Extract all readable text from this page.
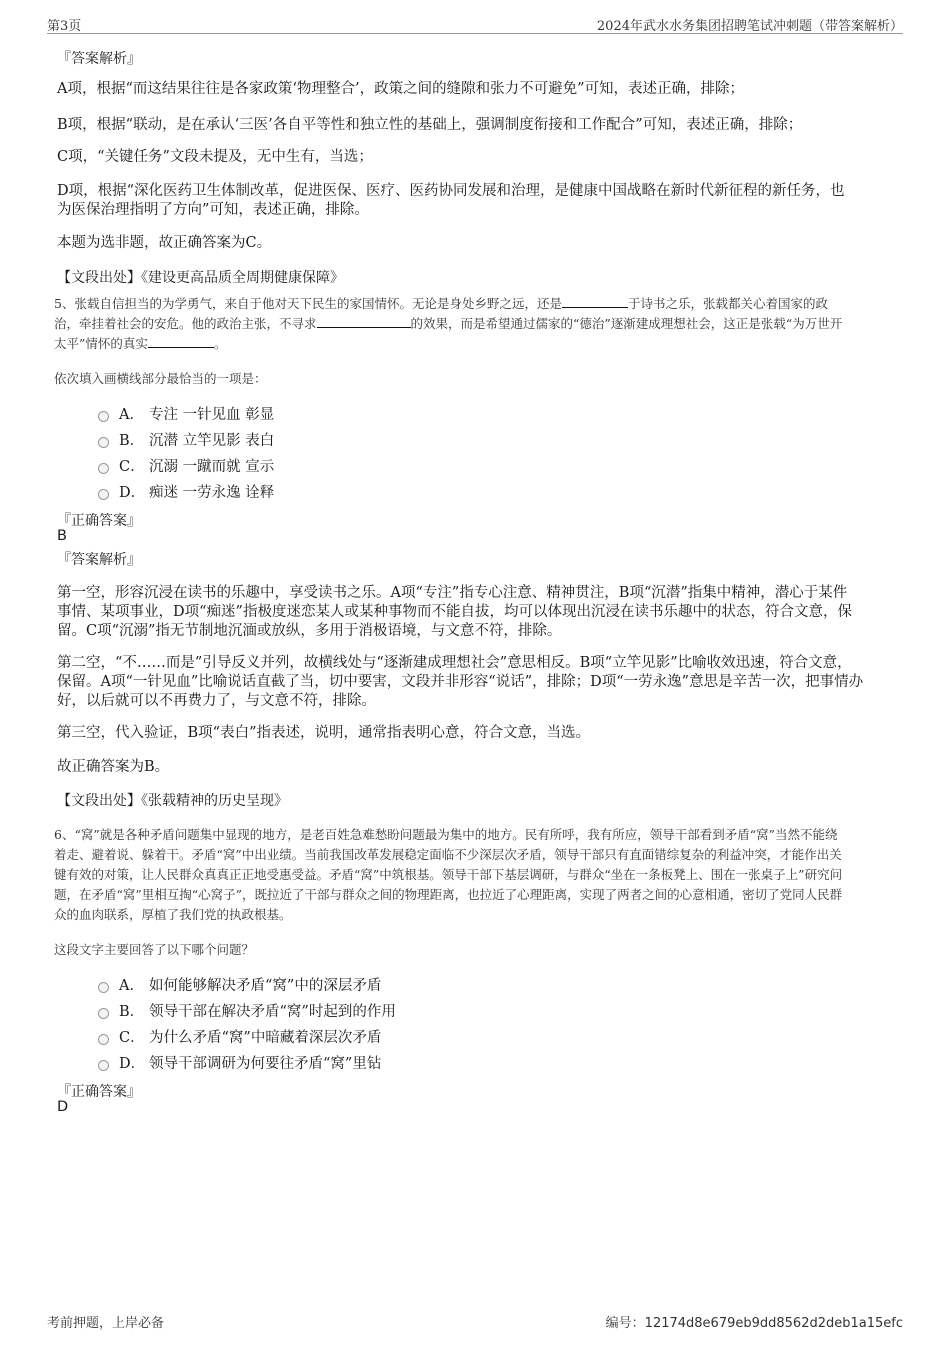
第3页	2024年武水水务集团招聘笔试冲刺题（带答案解析）
『答案解析』
A项，根据“而这结果往往是各家政策‘物理整合’，政策之间的缝隙和张力不可避免”可知，表述正确，排除；
B项，根据“联动，是在承认‘三医’各自平等性和独立性的基础上，强调制度衔接和工作配合”可知，表述正确，排除；
C项，“关键任务”文段未提及，无中生有，当选；
D项，根据“深化医药卫生体制改革，促进医保、医疗、医药协同发展和治理，是健康中国战略在新时代新征程的新任务，也
为医保治理指明了方向”可知，表述正确，排除。
本题为选非题，故正确答案为C。
【文段出处】《建设更高品质全周期健康保障》
5、张载自信担当的为学勇气，来自于他对天下民生的家国情怀。无论是身处乡野之远，还是	于诗书之乐，张载都关心着国家的政
治，牵挂着社会的安危。他的政治主张，不寻求	的效果，而是希望通过儒家的“德治”逐渐建成理想社会，这正是张载“为万世开
太平”情怀的真实	。
依次填入画横线部分最恰当的一项是：
A． 专注 一针见血 彰显
B． 沉潜 立竿见影 表白
C． 沉溺 一蹴而就 宣示
D． 痴迷 一劳永逸 诠释
『正确答案』
B
『答案解析』
第一空，形容沉浸在读书的乐趣中，享受读书之乐。A项“专注”指专心注意、精神贯注，B项“沉潜”指集中精神，潜心于某件
事情、某项事业，D项“痴迷”指极度迷恋某人或某种事物而不能自拔，均可以体现出沉浸在读书乐趣中的状态，符合文意，保
留。C项“沉溺”指无节制地沉湎或放纵，多用于消极语境，与文意不符，排除。
第二空，“不……而是”引导反义并列，故横线处与“逐渐建成理想社会”意思相反。B项“立竿见影”比喻收效迅速，符合文意，
保留。A项“一针见血”比喻说话直截了当，切中要害，文段并非形容“说话”，排除；D项“一劳永逸”意思是辛苦一次，把事情办
好，以后就可以不再费力了，与文意不符，排除。
第三空，代入验证，B项“表白”指表述，说明，通常指表明心意，符合文意，当选。
故正确答案为B。
【文段出处】《张载精神的历史呈现》
6、“窝”就是各种矛盾问题集中显现的地方，是老百姓急难愁盼问题最为集中的地方。民有所呼，我有所应，领导干部看到矛盾“窝”当然不能绕
着走、避着说、躲着干。矛盾“窝”中出业绩。当前我国改革发展稳定面临不少深层次矛盾，领导干部只有直面错综复杂的利益冲突，才能作出关
键有效的对策，让人民群众真真正正地受惠受益。矛盾“窝”中筑根基。领导干部下基层调研，与群众“坐在一条板凳上、围在一张桌子上”研究问
题，在矛盾“窝”里相互掏“心窝子”，既拉近了干部与群众之间的物理距离，也拉近了心理距离，实现了两者之间的心意相通，密切了党同人民群
众的血肉联系，厚植了我们党的执政根基。
这段文字主要回答了以下哪个问题？
A． 如何能够解决矛盾“窝”中的深层矛盾
B． 领导干部在解决矛盾“窝”时起到的作用
C． 为什么矛盾“窝”中暗藏着深层次矛盾
D． 领导干部调研为何要往矛盾“窝”里钻
『正确答案』
D
考前押题，上岸必备	编号：12174d8e679eb9dd8562d2deb1a15efc
